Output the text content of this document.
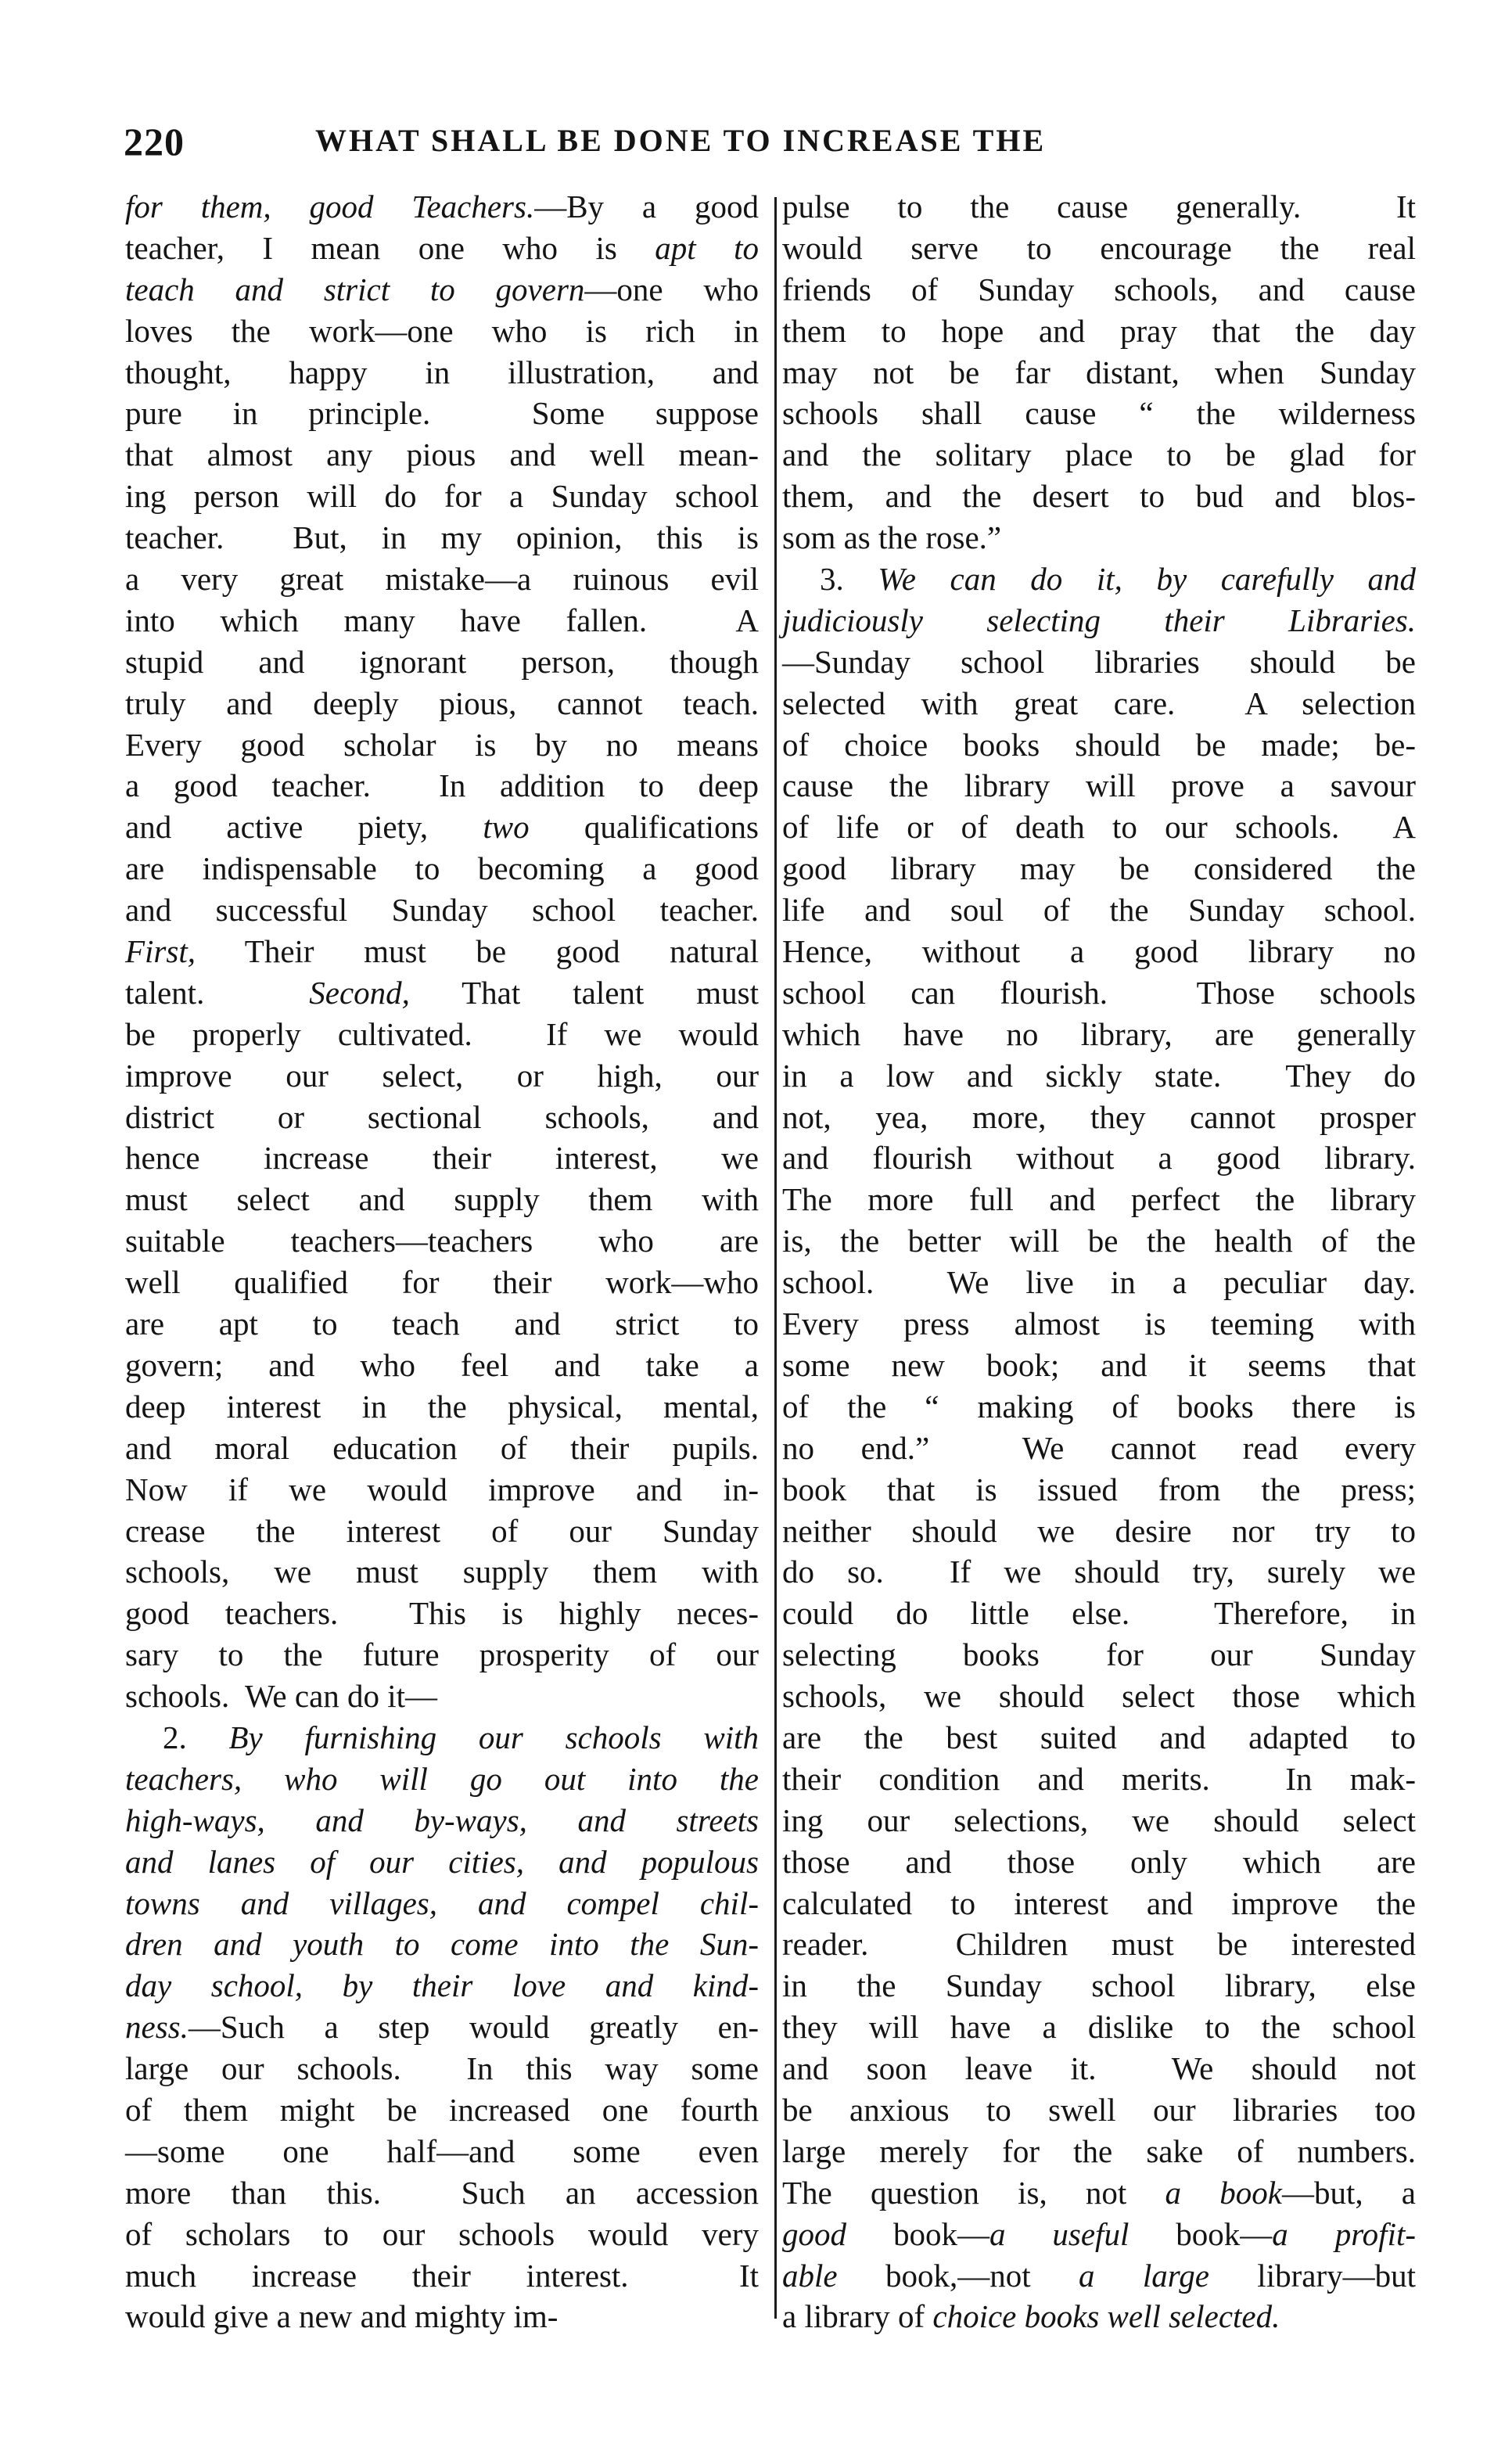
220	WHAT SHALL BE DONE TO INCREASE THE
for them, good Teachers.—By a good
teacher, I mean one who is apt to
teach and strict to govern—one who
loves the work—one who is rich in
thought, happy in illustration, and
pure in principle.  Some suppose
that almost any pious and well mean-
ing person will do for a Sunday school
teacher.  But, in my opinion, this is
a very great mistake—a ruinous evil
into which many have fallen.  A
stupid and ignorant person, though
truly and deeply pious, cannot teach.
Every good scholar is by no means
a good teacher.  In addition to deep
and active piety, two qualifications
are indispensable to becoming a good
and successful Sunday school teacher.
First, Their must be good natural
talent.  Second, That talent must
be properly cultivated.  If we would
improve our select, or high, our
district or sectional schools, and
hence increase their interest, we
must select and supply them with
suitable teachers—teachers who are
well qualified for their work—who
are apt to teach and strict to
govern; and who feel and take a
deep interest in the physical, mental,
and moral education of their pupils.
Now if we would improve and in-
crease the interest of our Sunday
schools, we must supply them with
good teachers.  This is highly neces-
sary to the future prosperity of our
schools.  We can do it—
2. By furnishing our schools with
teachers, who will go out into the
high-ways, and by-ways, and streets
and lanes of our cities, and populous
towns and villages, and compel chil-
dren and youth to come into the Sun-
day school, by their love and kind-
ness.—Such a step would greatly en-
large our schools.  In this way some
of them might be increased one fourth
—some one half—and some even
more than this.  Such an accession
of scholars to our schools would very
much increase their interest.  It
would give a new and mighty im-
pulse to the cause generally.  It
would serve to encourage the real
friends of Sunday schools, and cause
them to hope and pray that the day
may not be far distant, when Sunday
schools shall cause “ the wilderness
and the solitary place to be glad for
them, and the desert to bud and blos-
som as the rose.”
3. We can do it, by carefully and
judiciously selecting their Libraries.
—Sunday school libraries should be
selected with great care.  A selection
of choice books should be made; be-
cause the library will prove a savour
of life or of death to our schools.  A
good library may be considered the
life and soul of the Sunday school.
Hence, without a good library no
school can flourish.  Those schools
which have no library, are generally
in a low and sickly state.  They do
not, yea, more, they cannot prosper
and flourish without a good library.
The more full and perfect the library
is, the better will be the health of the
school.  We live in a peculiar day.
Every press almost is teeming with
some new book; and it seems that
of the “ making of books there is
no end.”  We cannot read every
book that is issued from the press;
neither should we desire nor try to
do so.  If we should try, surely we
could do little else.  Therefore, in
selecting books for our Sunday
schools, we should select those which
are the best suited and adapted to
their condition and merits.  In mak-
ing our selections, we should select
those and those only which are
calculated to interest and improve the
reader.  Children must be interested
in the Sunday school library, else
they will have a dislike to the school
and soon leave it.  We should not
be anxious to swell our libraries too
large merely for the sake of numbers.
The question is, not a book—but, a
good book—a useful book—a profit-
able book,—not a large library—but
a library of choice books well selected.
